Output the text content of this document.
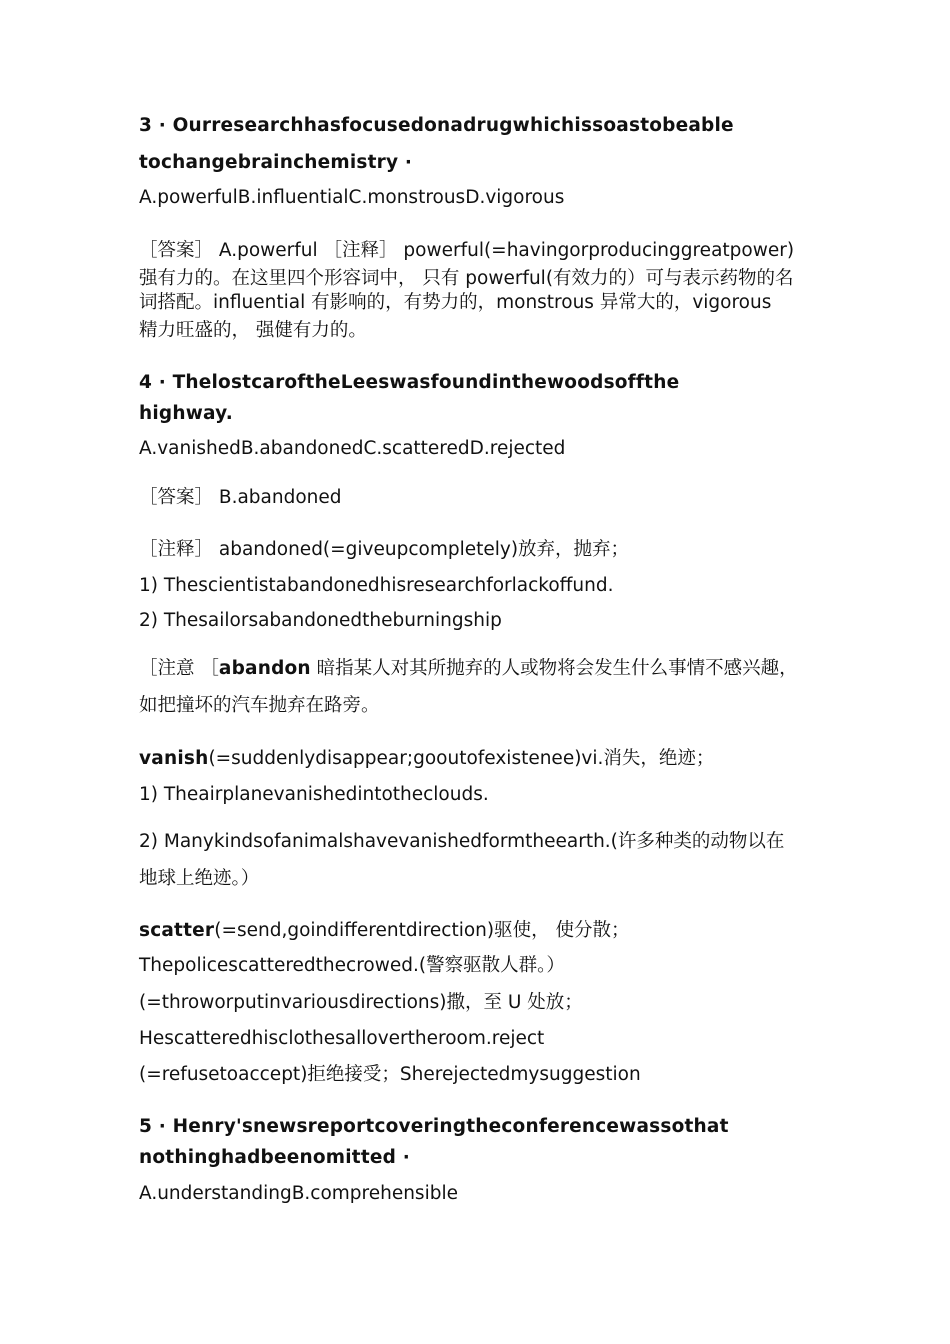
3 · Ourresearchhasfocusedonadrugwhichissoastobeable
tochangebrainchemistry ·
A.powerfulB.influentialC.monstrousD.vigorous
［答案］ A.powerful ［注释］ powerful(=havingorproducinggreatpower)
强有力的。在这里四个形容词中， 只有 powerful(有效力的）可与表示药物的名
词搭配。influential 有影响的，有势力的，monstrous 异常大的，vigorous
精力旺盛的， 强健有力的。
4 · ThelostcaroftheLeeswasfoundinthewoodsoffthe
highway.
A.vanishedB.abandonedC.scatteredD.rejected
［答案］ B.abandoned
［注释］ abandoned(=giveupcompletely)放弃，抛弃；
1) Thescientistabandonedhisresearchforlackoffund.
2) Thesailorsabandonedtheburningship
［注意 ［abandon 暗指某人对其所抛弃的人或物将会发生什么事情不感兴趣，
如把撞坏的汽车抛弃在路旁。
vanish(=suddenlydisappear;gooutofexistenee)vi.消失，绝迹；
1) Theairplanevanishedintotheclouds.
2) Manykindsofanimalshavevanishedformtheearth.(许多种类的动物以在
地球上绝迹。）
scatter(=send,goindifferentdirection)驱使， 使分散；
Thepolicescatteredthecrowed.(警察驱散人群。）
(=throworputinvariousdirections)撒，至 U 处放；
Hescatteredhisclothesallovertheroom.reject
(=refusetoaccept)拒绝接受；Sherejectedmysuggestion
5 · Henry'snewsreportcoveringtheconferencewassothat
nothinghadbeenomitted ·
A.understandingB.comprehensible
